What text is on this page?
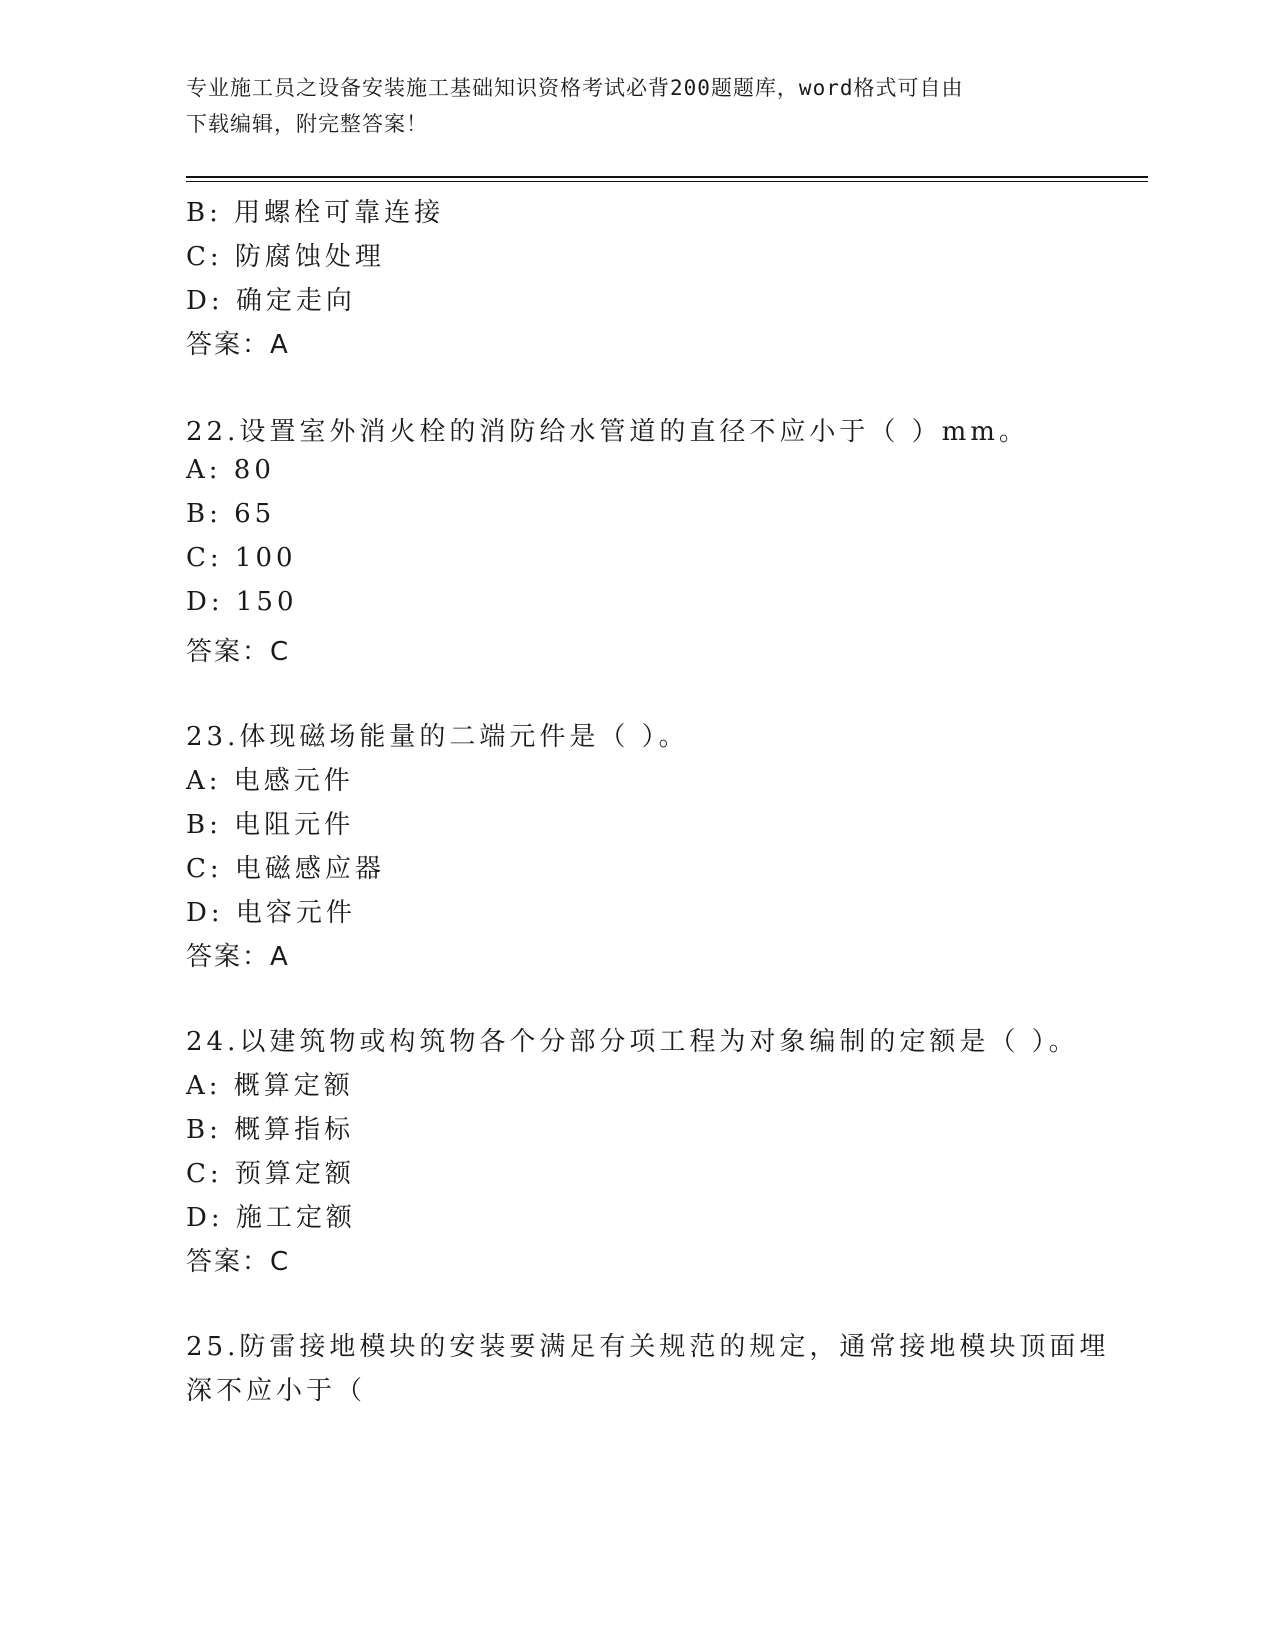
专业施工员之设备安装施工基础知识资格考试必背200题题库，word格式可自由
下载编辑，附完整答案！
B: 用螺栓可靠连接
C: 防腐蚀处理
D: 确定走向
答案：A
22.设置室外消火栓的消防给水管道的直径不应小于（ ）mm。
A: 80
B: 65
C: 100
D: 150
答案：C
23.体现磁场能量的二端元件是（ ）。
A: 电感元件
B: 电阻元件
C: 电磁感应器
D: 电容元件
答案：A
24.以建筑物或构筑物各个分部分项工程为对象编制的定额是（ ）。
A: 概算定额
B: 概算指标
C: 预算定额
D: 施工定额
答案：C
25.防雷接地模块的安装要满足有关规范的规定，通常接地模块顶面埋
深不应小于（
